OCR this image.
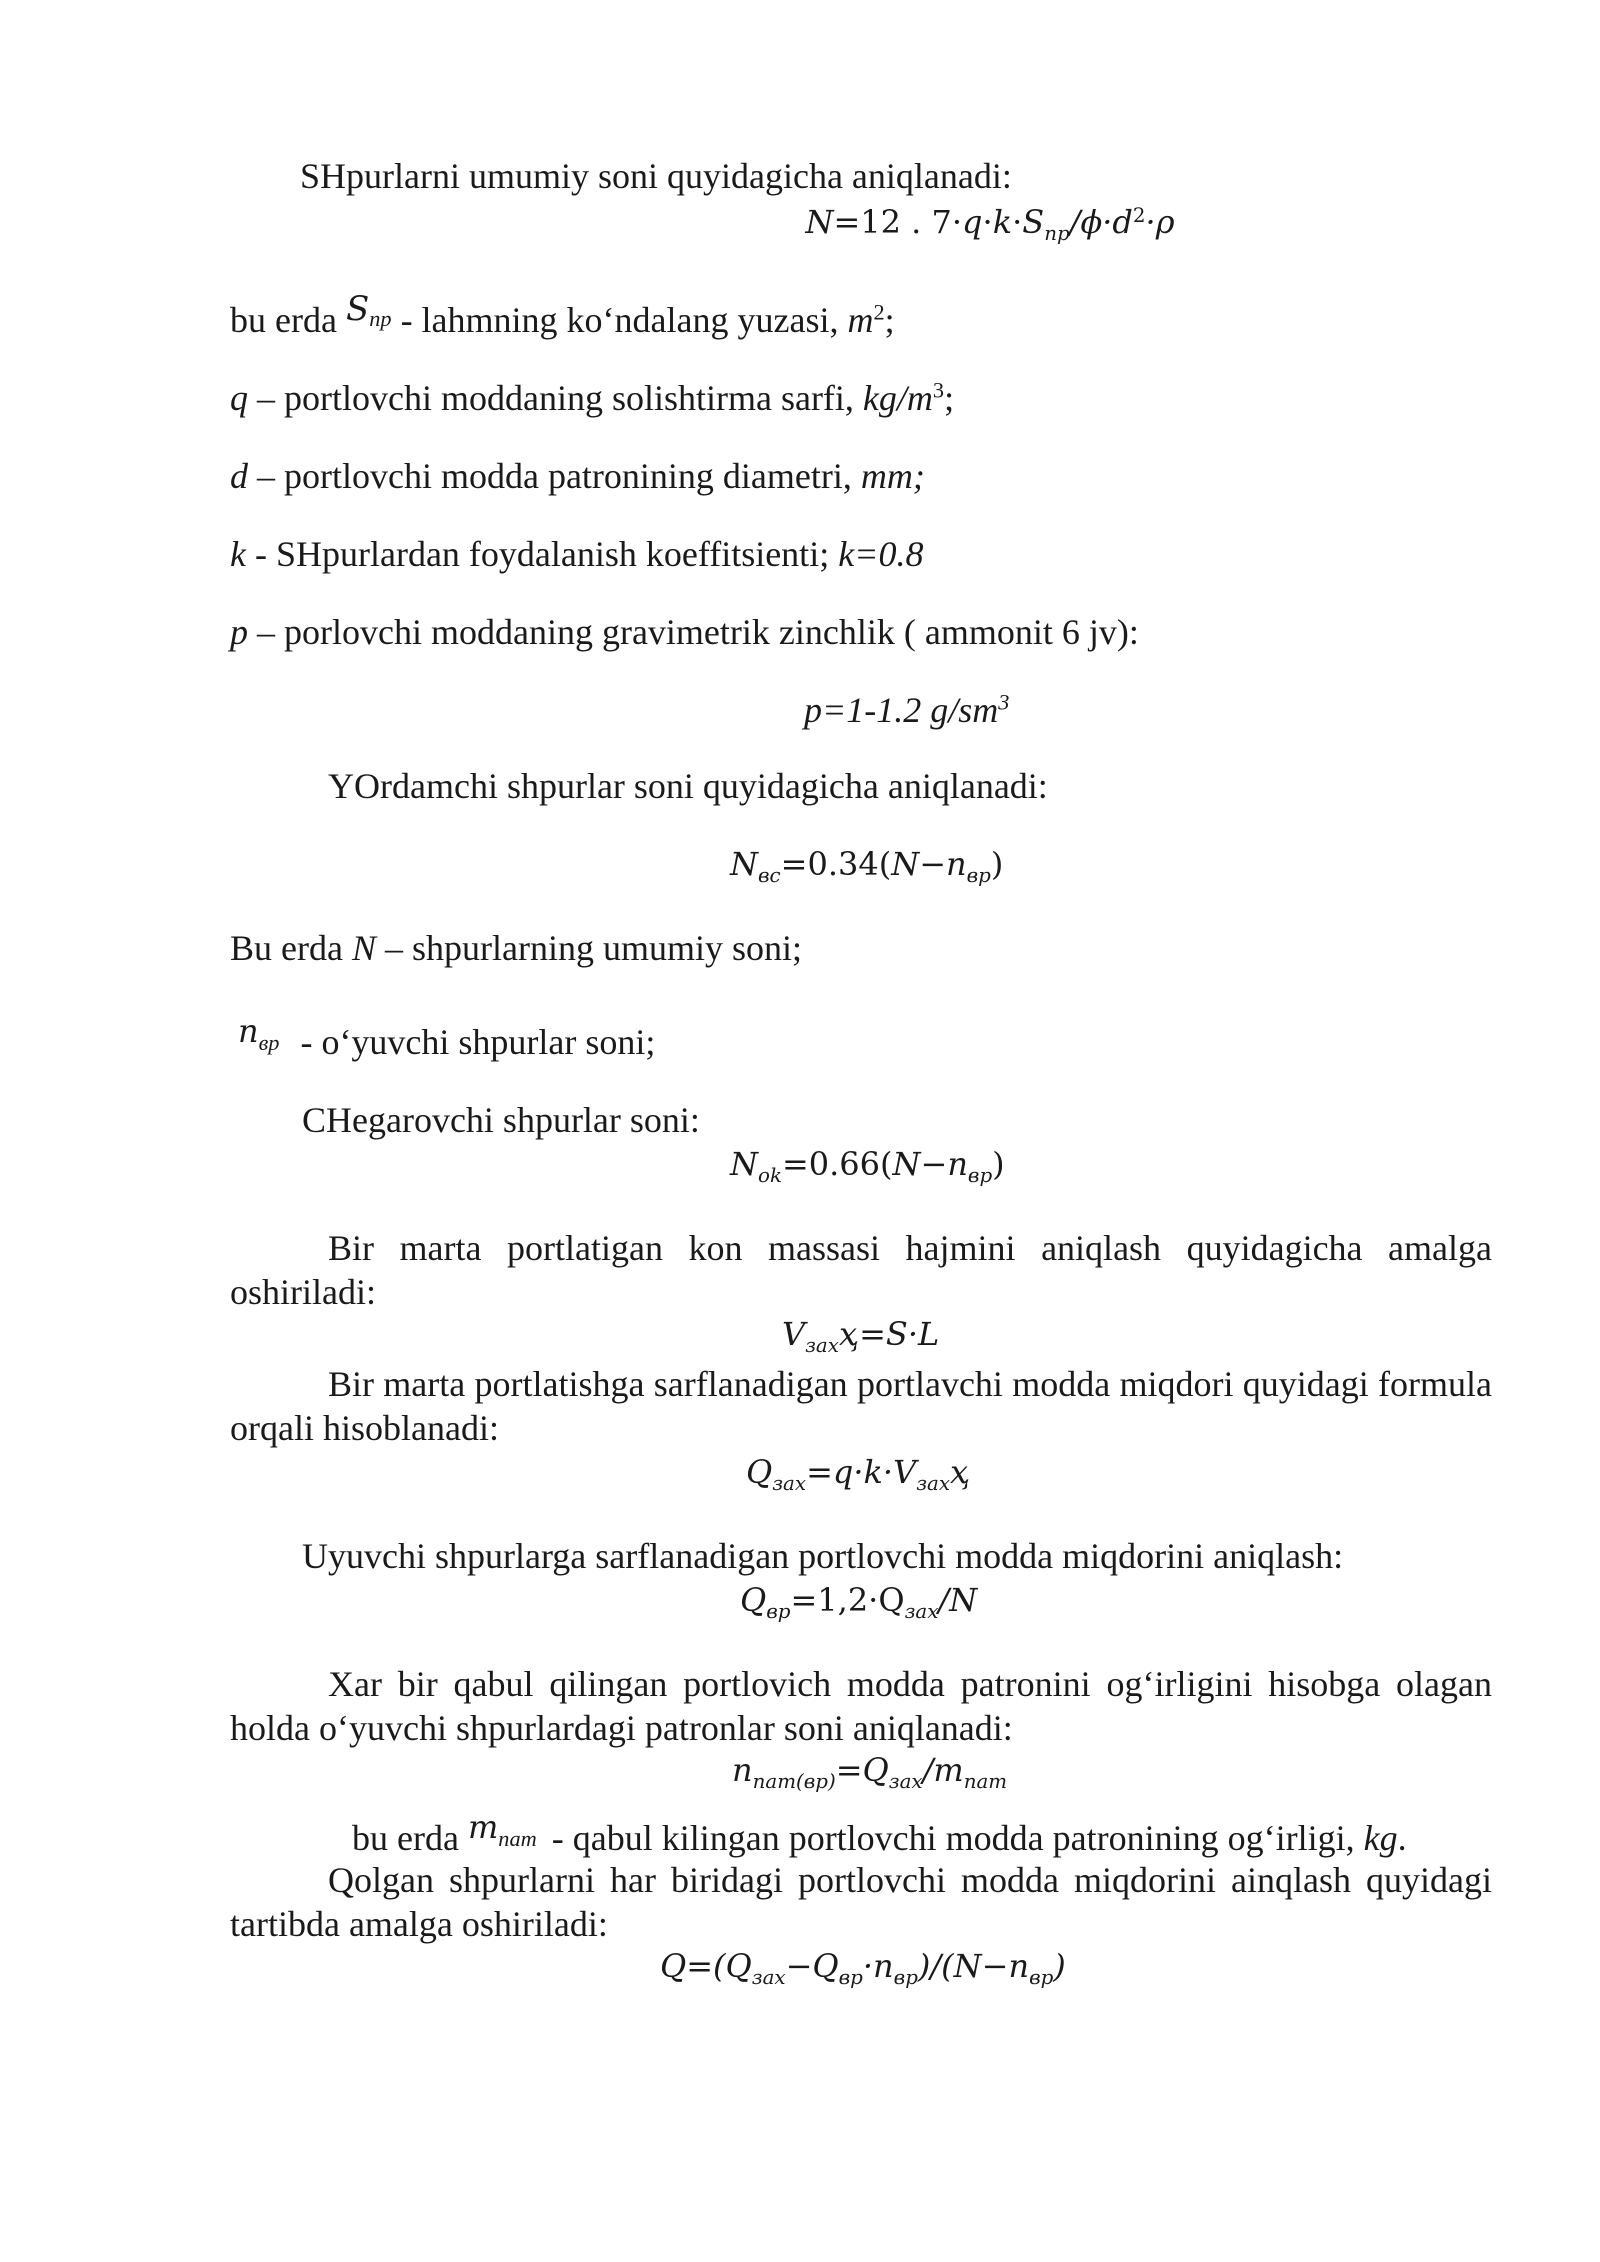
SHpurlarni umumiy soni quyidagicha aniqlanadi:
N=12 . $7\cdot q\cdot k\cdot S_{пр}/\phi\cdot d^2\cdot\rho$
bu erda $S_{пр}$ - lahmning ko‘ndalang yuzasi, $m^2$;
q – portlovchi moddaning solishtirma sarfi, $kg/m^3$;
d – portlovchi modda patronining diametri, mm;
k - SHpurlardan foydalanish koeffitsienti; k=0.8
p – porlovchi moddaning gravimetrik zinchlik ( ammonit 6 jv):
p=1-1.2 $g/sm^3$
YOrdamchi shpurlar soni quyidagicha aniqlanadi:
$N_{вс}=0.34(N-n_{вр})$
Bu erda N – shpurlarning umumiy soni;
$n_{вр}$ - o‘yuvchi shpurlar soni;
CHegarovchi shpurlar soni:
$N_{ok}=0.66(N-n_{вр})$
Bir marta portlatigan kon massasi hajmini aniqlash quyidagicha amalga oshiriladi:
$V_{зах}ҳ=S\cdot L$
Bir marta portlatishga sarflanadigan portlavchi modda miqdori quyidagi formula orqali hisoblanadi:
$Q_{зах}=q\cdot k\cdot V_{зах}ҳ$
Uyuvchi shpurlarga sarflanadigan portlovchi modda miqdorini aniqlash:
$Q_{вр}=1,2\cdot Q_{зах}/N$
Xar bir qabul qilingan portlovich modda patronini og‘irligini hisobga olagan holda o‘yuvchi shpurlardagi patronlar soni aniqlanadi:
$n_{пат(вр)}=Q_{зах}/m_{пат}$
bu erda $m_{пат}$ - qabul kilingan portlovchi modda patronining og‘irligi, kg.
Qolgan shpurlarni har biridagi portlovchi modda miqdorini ainqlash quyidagi tartibda amalga oshiriladi:
$Q=(Q_{зах}-Q_{вр}\cdot n_{вр})/(N-n_{вр})$
